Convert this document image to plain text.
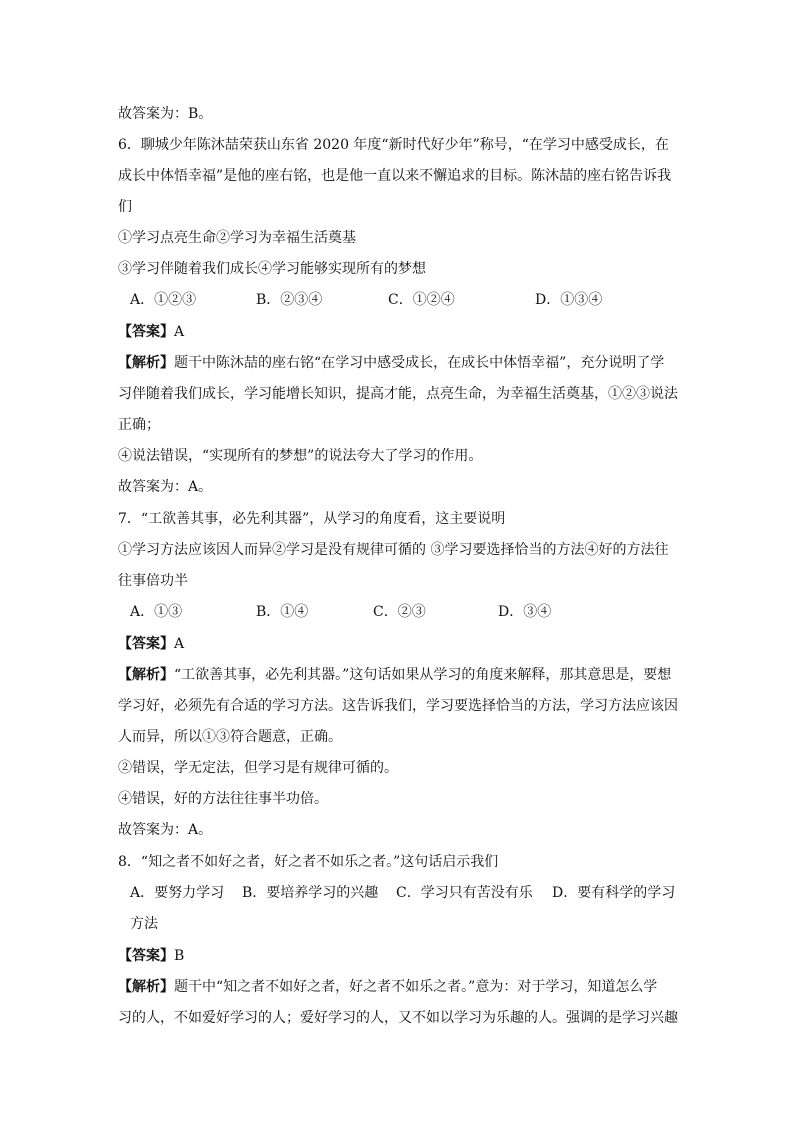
故答案为：B。
6．聊城少年陈沐喆荣获山东省 2020 年度“新时代好少年”称号，“在学习中感受成长，在
成长中体悟幸福”是他的座右铭，也是他一直以来不懈追求的目标。陈沐喆的座右铭告诉我
们
①学习点亮生命②学习为幸福生活奠基
③学习伴随着我们成长④学习能够实现所有的梦想
A．①②③	B．②③④	C．①②④	D．①③④
【答案】A
【解析】题干中陈沐喆的座右铭“在学习中感受成长，在成长中体悟幸福”，充分说明了学
习伴随着我们成长，学习能增长知识，提高才能，点亮生命，为幸福生活奠基，①②③说法
正确；
④说法错误，“实现所有的梦想”的说法夸大了学习的作用。
故答案为：A。
7．“工欲善其事，必先利其器”，从学习的角度看，这主要说明
①学习方法应该因人而异②学习是没有规律可循的 ③学习要选择恰当的方法④好的方法往
往事倍功半
A．①③	B．①④	C．②③	D．③④
【答案】A
【解析】“工欲善其事，必先利其器。”这句话如果从学习的角度来解释，那其意思是，要想
学习好，必须先有合适的学习方法。这告诉我们，学习要选择恰当的方法，学习方法应该因
人而异，所以①③符合题意，正确。
②错误，学无定法，但学习是有规律可循的。
④错误，好的方法往往事半功倍。
故答案为：A。
8．“知之者不如好之者，好之者不如乐之者。”这句话启示我们
A．要努力学习 B．要培养学习的兴趣 C．学习只有苦没有乐 D．要有科学的学习
方法
【答案】B
【解析】题干中“知之者不如好之者，好之者不如乐之者。”意为：对于学习，知道怎么学
习的人，不如爱好学习的人；爱好学习的人，又不如以学习为乐趣的人。强调的是学习兴趣
